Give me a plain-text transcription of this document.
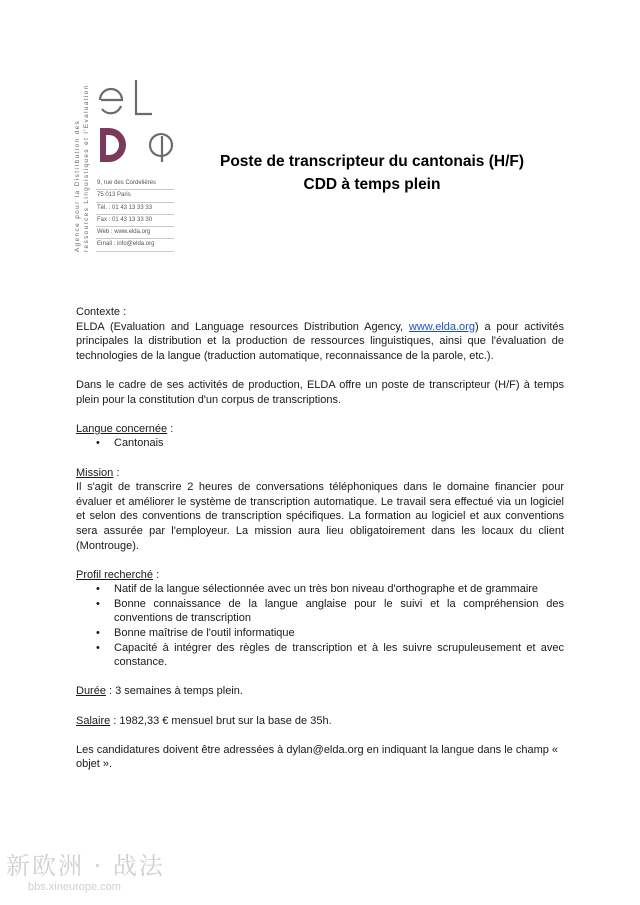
Agence pour la Distribution des ressources Linguistiques et l'Evaluation 9, rue des Cordelières
75 013 Paris
Tél. : 01 43 13 33 33
Fax : 01 43 13 33 30
Web : www.elda.org
Email : info@elda.org
Poste de transcripteur du cantonais (H/F)
CDD à temps plein

Contexte :

ELDA (Evaluation and Language resources Distribution Agency, www.elda.org) a pour activités principales la distribution et la production de ressources linguistiques, ainsi que l'évaluation de technologies de la langue (traduction automatique, reconnaissance de la parole, etc.).

Dans le cadre de ses activités de production, ELDA offre un poste de transcripteur (H/F) à temps plein pour la constitution d'un corpus de transcriptions.

Langue concernée :

• Cantonais

Mission :

Il s'agit de transcrire 2 heures de conversations téléphoniques dans le domaine financier pour évaluer et améliorer le système de transcription automatique. Le travail sera effectué via un logiciel et selon des conventions de transcription spécifiques. La formation au logiciel et aux conventions sera assurée par l'employeur. La mission aura lieu obligatoirement dans les locaux du client (Montrouge).

Profil recherché :

• Natif de la langue sélectionnée avec un très bon niveau d'orthographe et de grammaire
• Bonne connaissance de la langue anglaise pour le suivi et la compréhension des conventions de transcription
• Bonne maîtrise de l'outil informatique
• Capacité à intégrer des règles de transcription et à les suivre scrupuleusement et avec constance.

Durée : 3 semaines à temps plein.

Salaire : 1982,33 € mensuel brut sur la base de 35h.

Les candidatures doivent être adressées à dylan@elda.org en indiquant la langue dans le champ « objet ».

新欧洲 · 战法
bbs.xineurope.com
